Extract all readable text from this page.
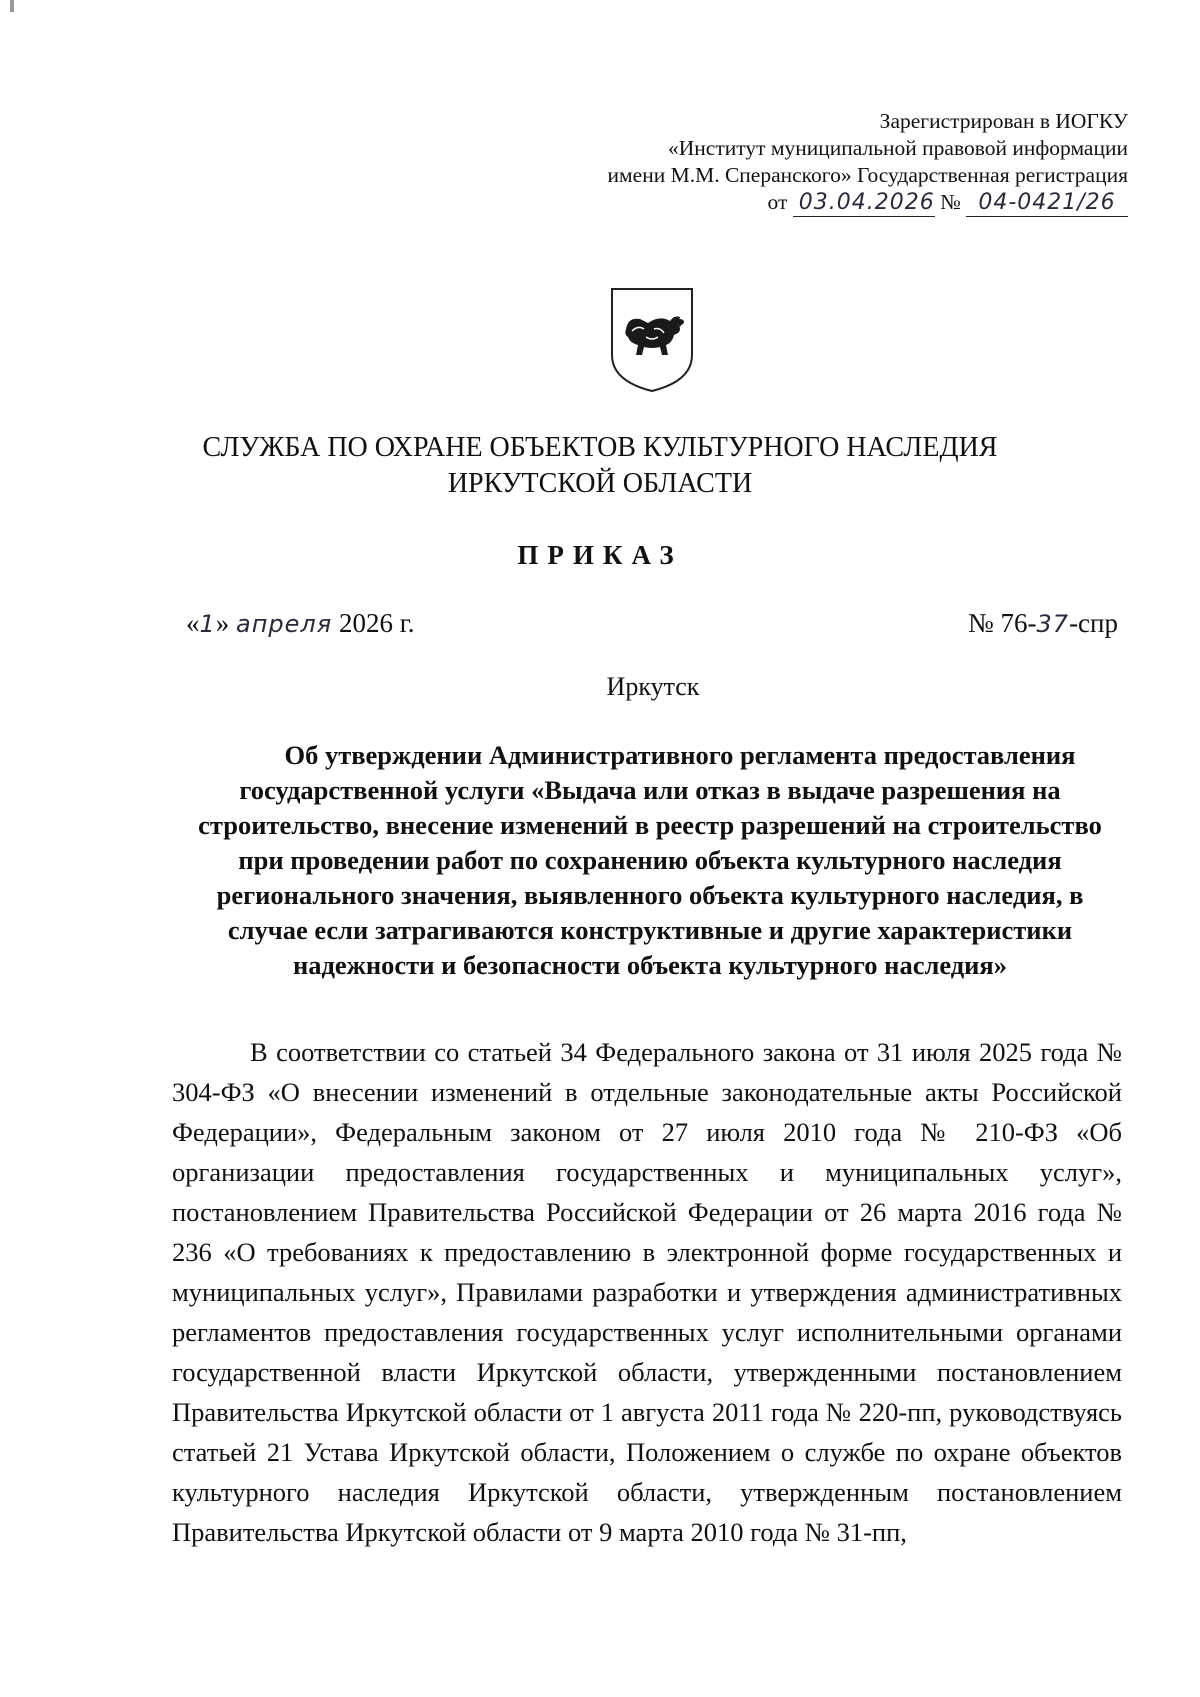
Зарегистрирован в ИОГКУ
«Институт муниципальной правовой информации
имени М.М. Сперанского» Государственная регистрация
от 03.04.2026 № 04-0421/26
СЛУЖБА ПО ОХРАНЕ ОБЪЕКТОВ КУЛЬТУРНОГО НАСЛЕДИЯ
ИРКУТСКОЙ ОБЛАСТИ
ПРИКАЗ
«1» апреля 2026 г.	№ 76-37-спр
Иркутск
Об утверждении Административного регламента предоставления государственной услуги «Выдача или отказ в выдаче разрешения на строительство, внесение изменений в реестр разрешений на строительство при проведении работ по сохранению объекта культурного наследия регионального значения, выявленного объекта культурного наследия, в случае если затрагиваются конструктивные и другие характеристики надежности и безопасности объекта культурного наследия»
В соответствии со статьей 34 Федерального закона от 31 июля 2025 года № 304-ФЗ «О внесении изменений в отдельные законодательные акты Российской Федерации», Федеральным законом от 27 июля 2010 года № 210-ФЗ «Об организации предоставления государственных и муниципальных услуг», постановлением Правительства Российской Федерации от 26 марта 2016 года № 236 «О требованиях к предоставлению в электронной форме государственных и муниципальных услуг», Правилами разработки и утверждения административных регламентов предоставления государственных услуг исполнительными органами государственной власти Иркутской области, утвержденными постановлением Правительства Иркутской области от 1 августа 2011 года № 220-пп, руководствуясь статьей 21 Устава Иркутской области, Положением о службе по охране объектов культурного наследия Иркутской области, утвержденным постановлением Правительства Иркутской области от 9 марта 2010 года № 31-пп,
